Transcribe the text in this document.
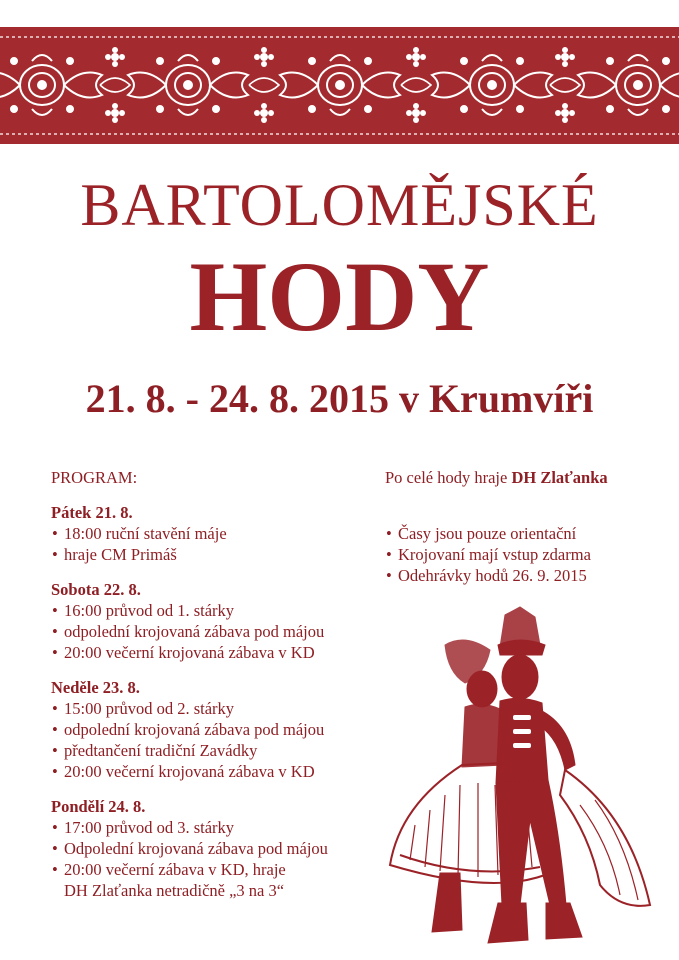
BARTOLOMĚJSKÉ
HODY
21. 8. - 24. 8. 2015 v Krumvíři
PROGRAM:
Pátek 21. 8.
• 18:00 ruční stavění máje
• hraje CM Primáš
Sobota 22. 8.
• 16:00 průvod od 1. stárky
• odpolední krojovaná zábava pod májou
• 20:00 večerní krojovaná zábava v KD
Neděle 23. 8.
• 15:00 průvod od 2. stárky
• odpolední krojovaná zábava pod májou
• předtančení tradiční Zavádky
• 20:00 večerní krojovaná zábava v KD
Pondělí 24. 8.
• 17:00 průvod od 3. stárky
• Odpolední krojovaná zábava pod májou
• 20:00 večerní zábava v KD, hraje
DH Zlaťanka netradičně „3 na 3“
Po celé hody hraje DH Zlaťanka
• Časy jsou pouze orientační
• Krojovaní mají vstup zdarma
• Odehrávky hodů 26. 9. 2015
